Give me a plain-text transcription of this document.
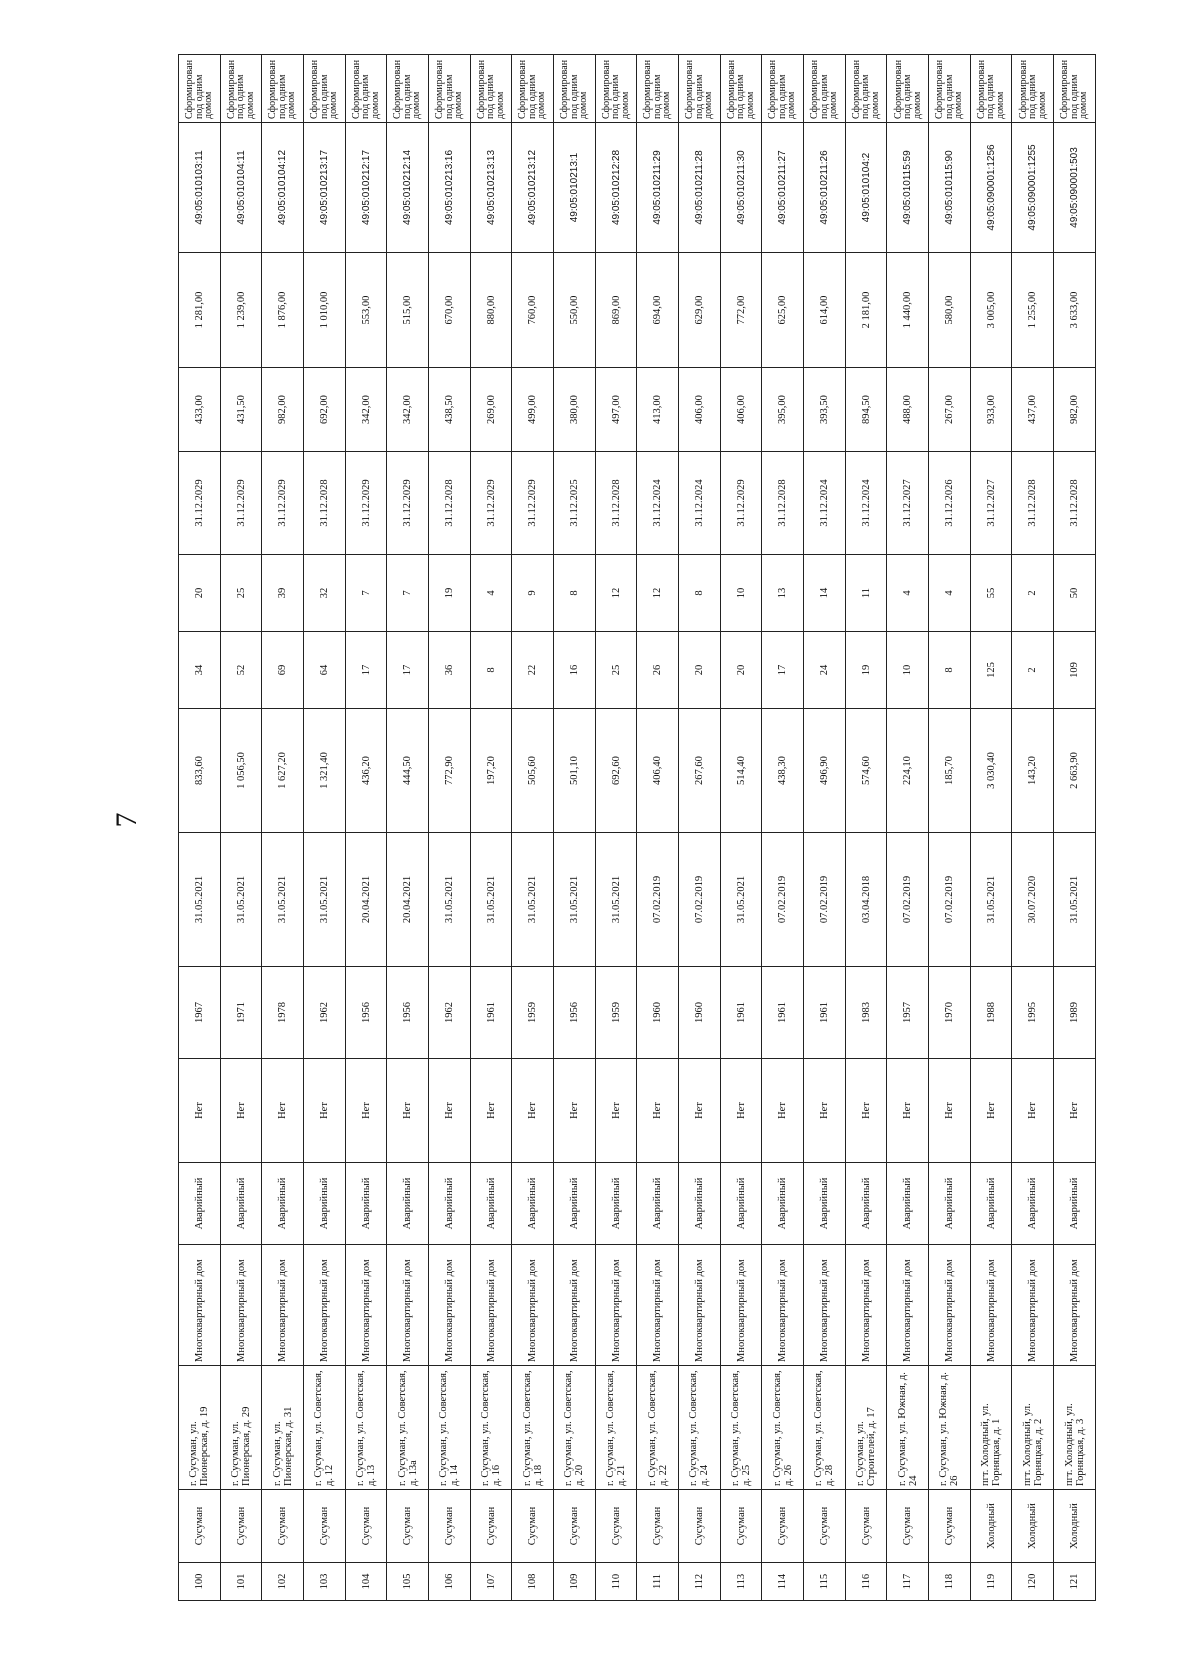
7
100	Сусуман	г. Сусуман, ул. Пионерская, д. 19	Многоквартирный дом	Аварийный	Нет	1967	31.05.2021	833,60	34	20	31.12.2029	433,00	1 281,00	49:05:010103:11	Сформирован под одним домом
101	Сусуман	г. Сусуман, ул. Пионерская, д. 29	Многоквартирный дом	Аварийный	Нет	1971	31.05.2021	1 056,50	52	25	31.12.2029	431,50	1 239,00	49:05:010104:11	Сформирован под одним домом
102	Сусуман	г. Сусуман, ул. Пионерская, д. 31	Многоквартирный дом	Аварийный	Нет	1978	31.05.2021	1 627,20	69	39	31.12.2029	982,00	1 876,00	49:05:010104:12	Сформирован под одним домом
103	Сусуман	г. Сусуман, ул. Советская, д. 12	Многоквартирный дом	Аварийный	Нет	1962	31.05.2021	1 321,40	64	32	31.12.2028	692,00	1 010,00	49:05:010213:17	Сформирован под одним домом
104	Сусуман	г. Сусуман, ул. Советская, д. 13	Многоквартирный дом	Аварийный	Нет	1956	20.04.2021	436,20	17	7	31.12.2029	342,00	553,00	49:05:010212:17	Сформирован под одним домом
105	Сусуман	г. Сусуман, ул. Советская, д. 13а	Многоквартирный дом	Аварийный	Нет	1956	20.04.2021	444,50	17	7	31.12.2029	342,00	515,00	49:05:010212:14	Сформирован под одним домом
106	Сусуман	г. Сусуман, ул. Советская, д. 14	Многоквартирный дом	Аварийный	Нет	1962	31.05.2021	772,90	36	19	31.12.2028	438,50	670,00	49:05:010213:16	Сформирован под одним домом
107	Сусуман	г. Сусуман, ул. Советская, д. 16	Многоквартирный дом	Аварийный	Нет	1961	31.05.2021	197,20	8	4	31.12.2029	269,00	880,00	49:05:010213:13	Сформирован под одним домом
108	Сусуман	г. Сусуман, ул. Советская, д. 18	Многоквартирный дом	Аварийный	Нет	1959	31.05.2021	505,60	22	9	31.12.2029	499,00	760,00	49:05:010213:12	Сформирован под одним домом
109	Сусуман	г. Сусуман, ул. Советская, д. 20	Многоквартирный дом	Аварийный	Нет	1956	31.05.2021	501,10	16	8	31.12.2025	380,00	550,00	49:05:010213:1	Сформирован под одним домом
110	Сусуман	г. Сусуман, ул. Советская, д. 21	Многоквартирный дом	Аварийный	Нет	1959	31.05.2021	692,60	25	12	31.12.2028	497,00	869,00	49:05:010212:28	Сформирован под одним домом
111	Сусуман	г. Сусуман, ул. Советская, д. 22	Многоквартирный дом	Аварийный	Нет	1960	07.02.2019	406,40	26	12	31.12.2024	413,00	694,00	49:05:010211:29	Сформирован под одним домом
112	Сусуман	г. Сусуман, ул. Советская, д. 24	Многоквартирный дом	Аварийный	Нет	1960	07.02.2019	267,60	20	8	31.12.2024	406,00	629,00	49:05:010211:28	Сформирован под одним домом
113	Сусуман	г. Сусуман, ул. Советская, д. 25	Многоквартирный дом	Аварийный	Нет	1961	31.05.2021	514,40	20	10	31.12.2029	406,00	772,00	49:05:010211:30	Сформирован под одним домом
114	Сусуман	г. Сусуман, ул. Советская, д. 26	Многоквартирный дом	Аварийный	Нет	1961	07.02.2019	438,30	17	13	31.12.2028	395,00	625,00	49:05:010211:27	Сформирован под одним домом
115	Сусуман	г. Сусуман, ул. Советская, д. 28	Многоквартирный дом	Аварийный	Нет	1961	07.02.2019	496,90	24	14	31.12.2024	393,50	614,00	49:05:010211:26	Сформирован под одним домом
116	Сусуман	г. Сусуман, ул. Строителей, д. 17	Многоквартирный дом	Аварийный	Нет	1983	03.04.2018	574,60	19	11	31.12.2024	894,50	2 181,00	49:05:010104:2	Сформирован под одним домом
117	Сусуман	г. Сусуман, ул. Южная, д. 24	Многоквартирный дом	Аварийный	Нет	1957	07.02.2019	224,10	10	4	31.12.2027	488,00	1 440,00	49:05:010115:59	Сформирован под одним домом
118	Сусуман	г. Сусуман, ул. Южная, д. 26	Многоквартирный дом	Аварийный	Нет	1970	07.02.2019	185,70	8	4	31.12.2026	267,00	580,00	49:05:010115:90	Сформирован под одним домом
119	Холодный	пгт. Холодный, ул. Горняцкая, д. 1	Многоквартирный дом	Аварийный	Нет	1988	31.05.2021	3 030,40	125	55	31.12.2027	933,00	3 005,00	49:05:090001:1256	Сформирован под одним домом
120	Холодный	пгт. Холодный, ул. Горняцкая, д. 2	Многоквартирный дом	Аварийный	Нет	1995	30.07.2020	143,20	2	2	31.12.2028	437,00	1 255,00	49:05:090001:1255	Сформирован под одним домом
121	Холодный	пгт. Холодный, ул. Горняцкая, д. 3	Многоквартирный дом	Аварийный	Нет	1989	31.05.2021	2 663,90	109	50	31.12.2028	982,00	3 633,00	49:05:090001:503	Сформирован под одним домом
